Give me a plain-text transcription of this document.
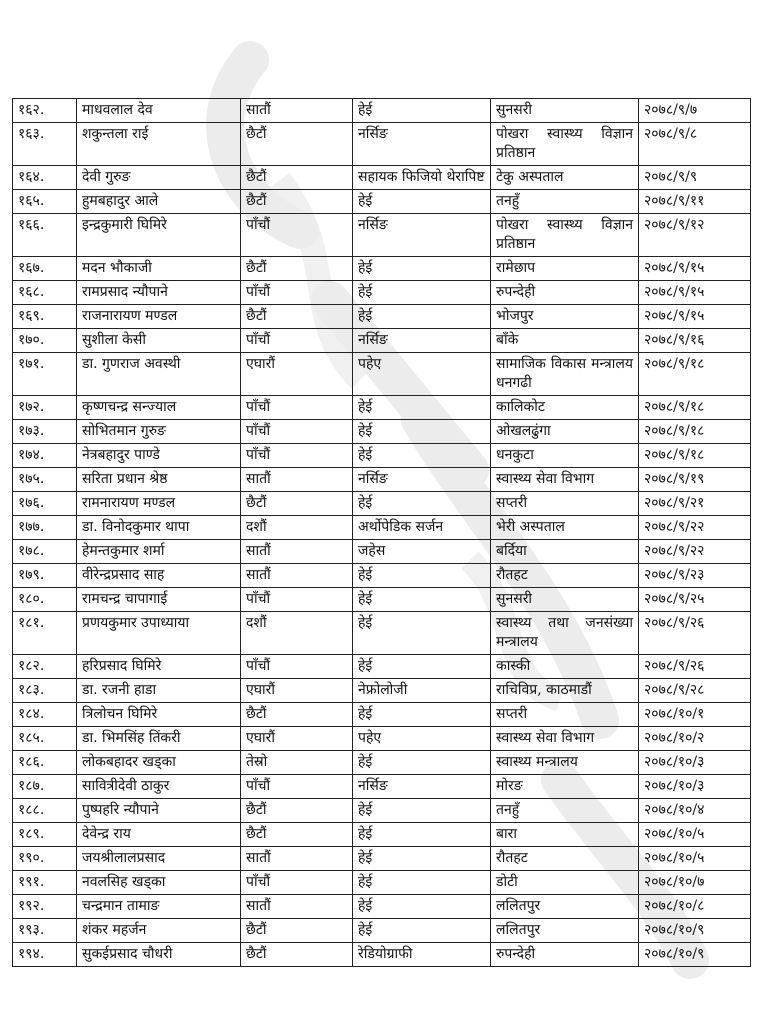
१६२.	माधवलाल देव	सातौं	हेई	सुनसरी	२०७८/९/७
१६३.	शकुन्तला राई	छैटौं	नर्सिङ	पोखरा स्वास्थ्य विज्ञान प्रतिष्ठान	२०७८/९/८
१६४.	देवी गुरुङ	छैटौं	सहायक फिजियो थेरापिष्ट	टेकु अस्पताल	२०७८/९/९
१६५.	हुमबहादुर आले	छैटौं	हेई	तनहुँ	२०७८/९/११
१६६.	इन्द्रकुमारी घिमिरे	पाँचौं	नर्सिङ	पोखरा स्वास्थ्य विज्ञान प्रतिष्ठान	२०७८/९/१२
१६७.	मदन भौकाजी	छैटौं	हेई	रामेछाप	२०७८/९/१५
१६८.	रामप्रसाद न्यौपाने	पाँचौं	हेई	रुपन्देही	२०७८/९/१५
१६९.	राजनारायण मण्डल	छैटौं	हेई	भोजपुर	२०७८/९/१५
१७०.	सुशीला केसी	पाँचौं	नर्सिङ	बाँके	२०७८/९/१६
१७१.	डा. गुणराज अवस्थी	एघारौं	पहेए	सामाजिक विकास मन्त्रालय धनगढी	२०७८/९/१८
१७२.	कृष्णचन्द्र सन्ज्याल	पाँचौं	हेई	कालिकोट	२०७८/९/१८
१७३.	सोभितमान गुरुङ	पाँचौं	हेई	ओखलढुंगा	२०७८/९/१८
१७४.	नेत्रबहादुर पाण्डे	पाँचौं	हेई	धनकुटा	२०७८/९/१८
१७५.	सरिता प्रधान श्रेष्ठ	सातौं	नर्सिङ	स्वास्थ्य सेवा विभाग	२०७८/९/१९
१७६.	रामनारायण मण्डल	छैटौं	हेई	सप्तरी	२०७८/९/२१
१७७.	डा. विनोदकुमार थापा	दशौं	अर्थोपेडिक सर्जन	भेरी अस्पताल	२०७८/९/२२
१७८.	हेमन्तकुमार शर्मा	सातौं	जहेस	बर्दिया	२०७८/९/२२
१७९.	वीरेन्द्रप्रसाद साह	सातौं	हेई	रौतहट	२०७८/९/२३
१८०.	रामचन्द्र चापागाई	पाँचौं	हेई	सुनसरी	२०७८/९/२५
१८१.	प्रणयकुमार उपाध्याया	दशौं	हेई	स्वास्थ्य तथा जनसंख्या मन्त्रालय	२०७८/९/२६
१८२.	हरिप्रसाद घिमिरे	पाँचौं	हेई	कास्की	२०७८/९/२६
१८३.	डा. रजनी हाडा	एघारौं	नेफ्रोलोजी	राचिविप्र, काठमाडौं	२०७८/९/२८
१८४.	त्रिलोचन घिमिरे	छैटौं	हेई	सप्तरी	२०७८/१०/१
१८५.	डा. भिमसिंह तिंकरी	एघारौं	पहेए	स्वास्थ्य सेवा विभाग	२०७८/१०/२
१८६.	लोकबहादर खड्का	तेस्रो	हेई	स्वास्थ्य मन्त्रालय	२०७८/१०/३
१८७.	सावित्रीदेवी ठाकुर	पाँचौं	नर्सिङ	मोरङ	२०७८/१०/३
१८८.	पुष्पहरि न्यौपाने	छैटौं	हेई	तनहुँ	२०७८/१०/४
१८९.	देवेन्द्र राय	छैटौं	हेई	बारा	२०७८/१०/५
१९०.	जयश्रीलालप्रसाद	सातौं	हेई	रौतहट	२०७८/१०/५
१९१.	नवलसिह खड्का	पाँचौं	हेई	डोटी	२०७८/१०/७
१९२.	चन्द्रमान तामाङ	सातौं	हेई	ललितपुर	२०७८/१०/८
१९३.	शंकर महर्जन	छैटौं	हेई	ललितपुर	२०७८/१०/९
१९४.	सुकईप्रसाद चौधरी	छैटौं	रेडियोग्राफी	रुपन्देही	२०७८/१०/९
